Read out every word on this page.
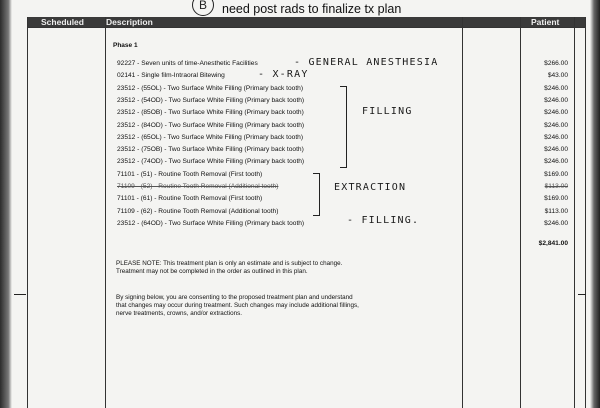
B	need post rads to finalize tx plan
Scheduled	Description	Patient
Phase 1
92227 - Seven units of time-Anesthetic Facilities	$266.00
02141 - Single film-Intraoral Bitewing	$43.00
23512 - (55OL) - Two Surface White Filling (Primary back tooth)	$246.00
23512 - (54OD) - Two Surface White Filling (Primary back tooth)	$246.00
23512 - (85OB) - Two Surface White Filling (Primary back tooth)	$246.00
23512 - (84OD) - Two Surface White Filling (Primary back tooth)	$246.00
23512 - (65OL) - Two Surface White Filling (Primary back tooth)	$246.00
23512 - (75OB) - Two Surface White Filling (Primary back tooth)	$246.00
23512 - (74OD) - Two Surface White Filling (Primary back tooth)	$246.00
71101 - (51) - Routine Tooth Removal (First tooth)	$169.00
71109 - (52) - Routine Tooth Removal (Additional tooth)	$113.00
71101 - (61) - Routine Tooth Removal (First tooth)	$169.00
71109 - (62) - Routine Tooth Removal (Additional tooth)	$113.00
23512 - (64OD) - Two Surface White Filling (Primary back tooth)	$246.00
$2,841.00
PLEASE NOTE: This treatment plan is only an estimate and is subject to change. Treatment may not be completed in the order as outlined in this plan.
By signing below, you are consenting to the proposed treatment plan and understand that changes may occur during treatment. Such changes may include additional fillings, nerve treatments, crowns, and/or extractions.
- GENERAL ANESTHESIA
- X-RAY
FILLING
EXTRACTION
- FILLING.
